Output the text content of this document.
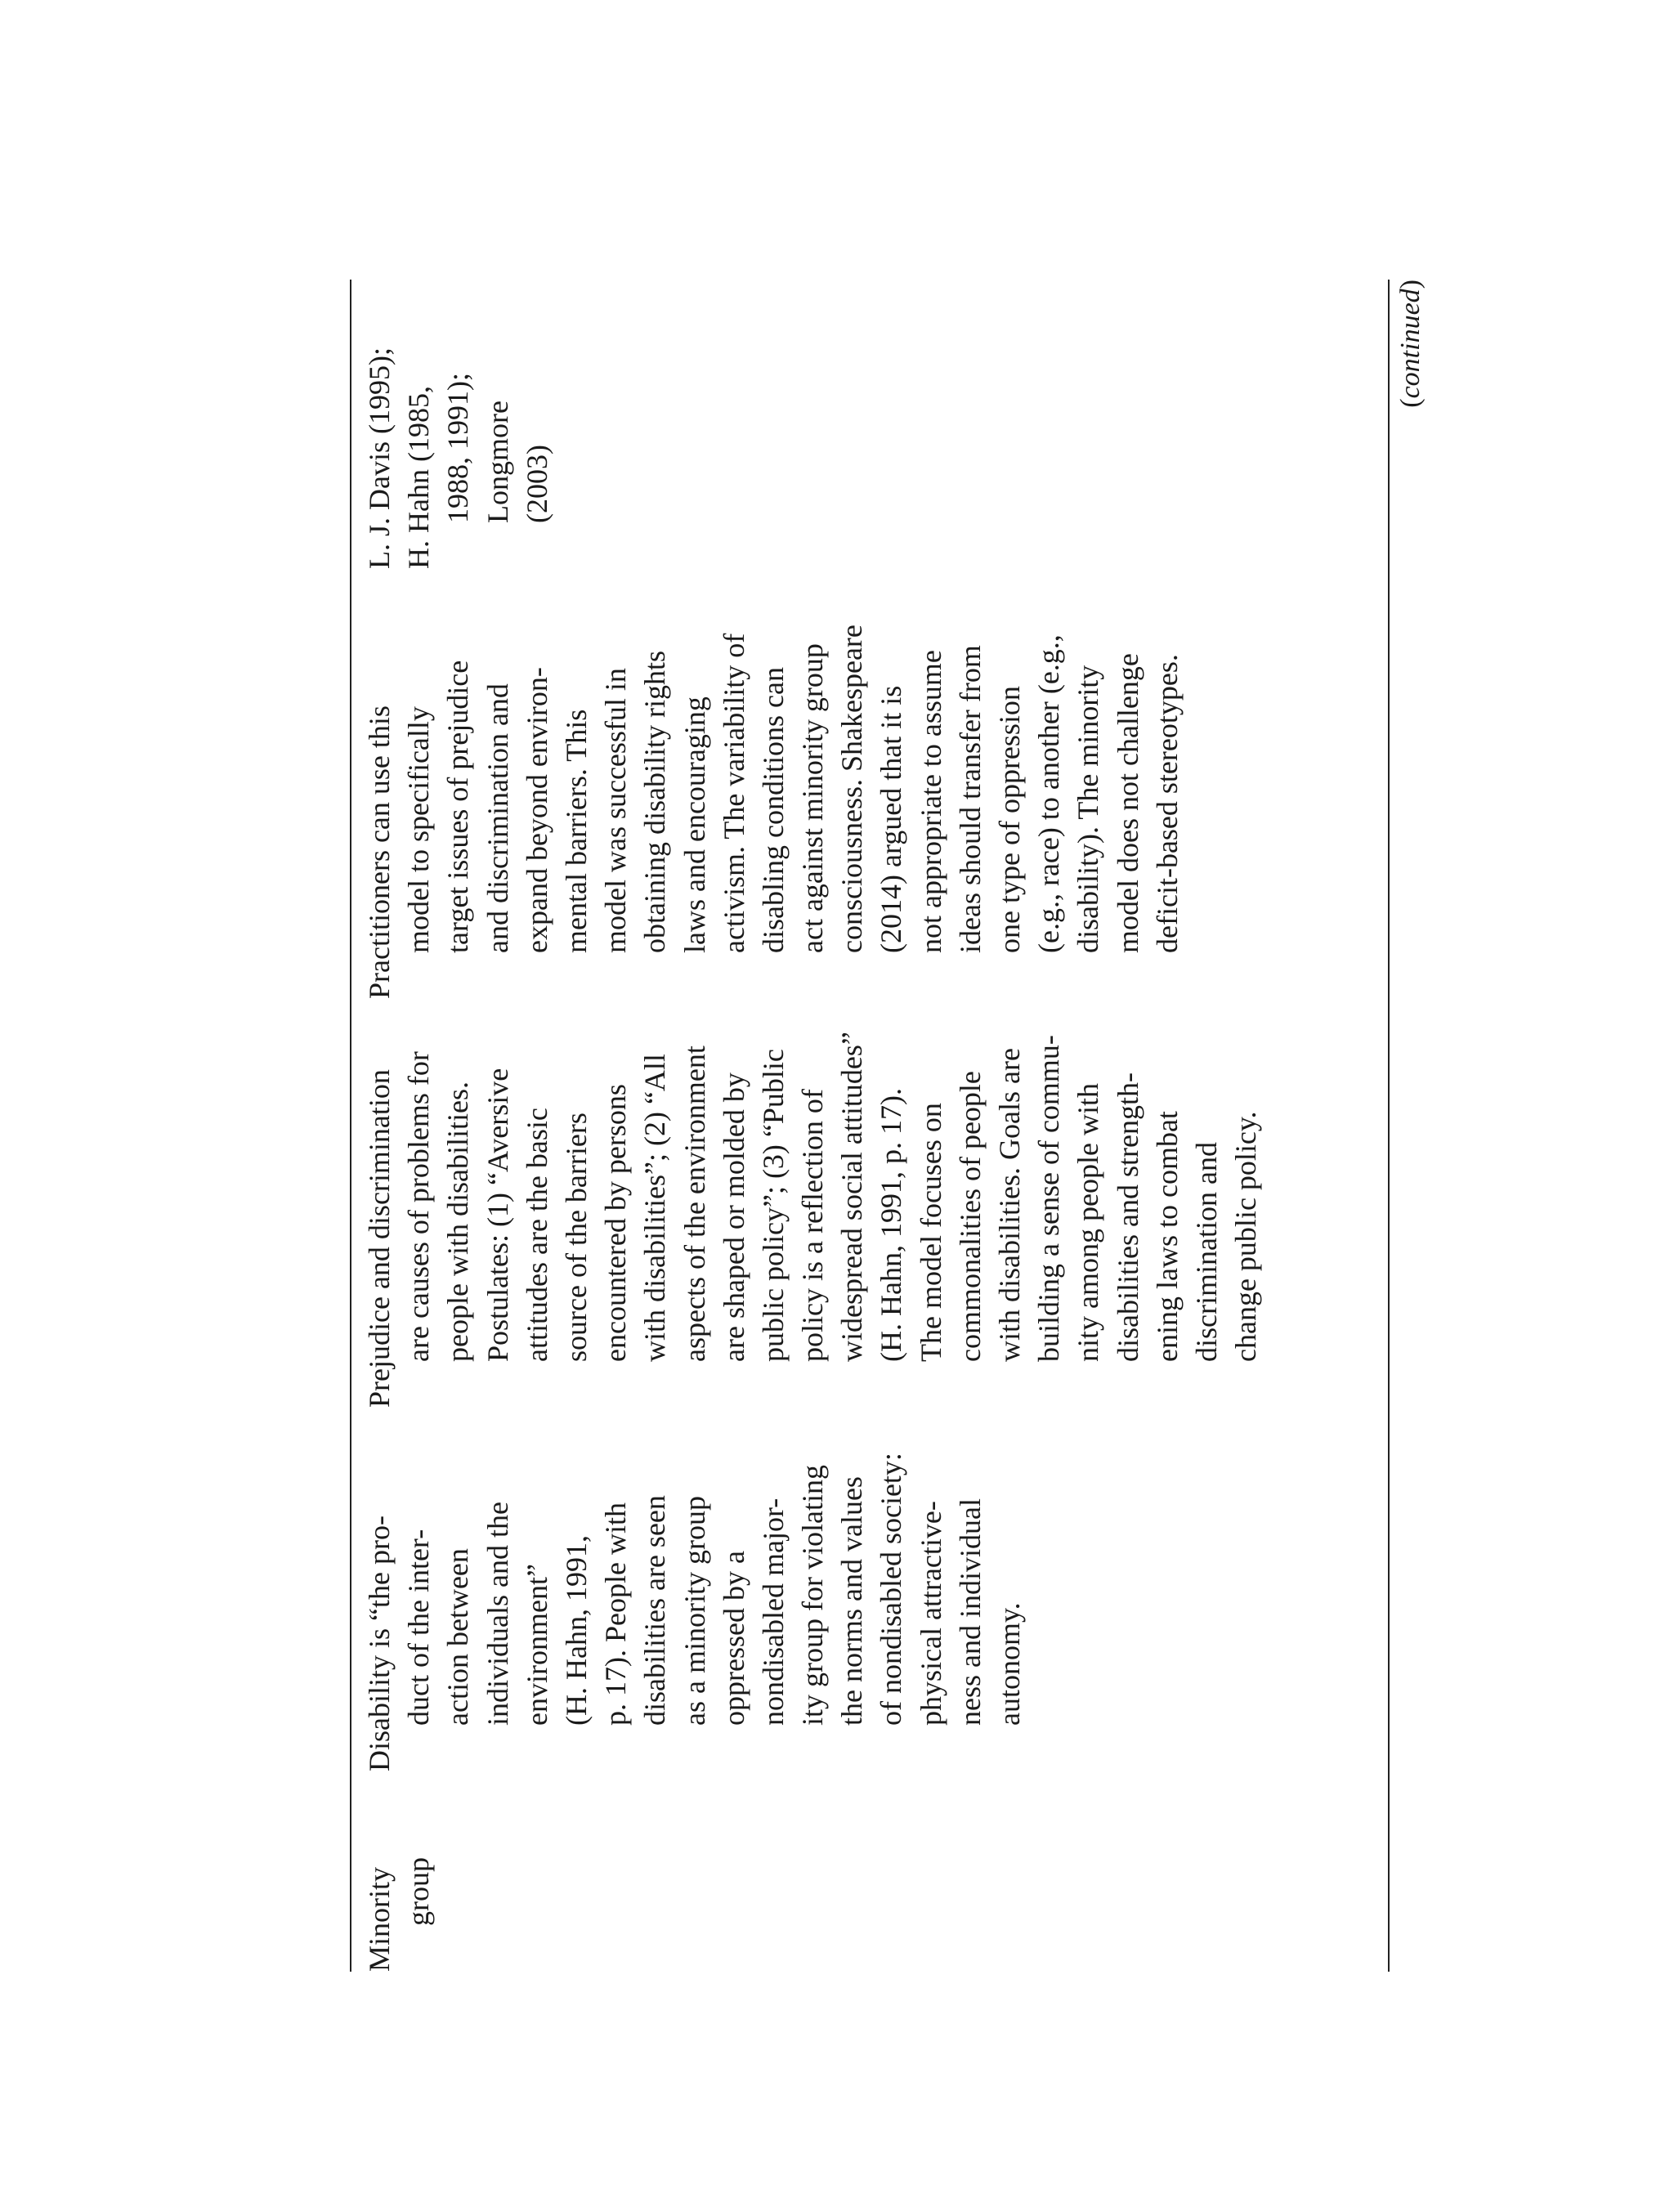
Minority group
Disability is “the pro- duct of the inter- action between individuals and the environment” (H. Hahn, 1991, p. 17). People with disabilities are seen as a minority group oppressed by a nondisabled major- ity group for violating the norms and values of nondisabled society: physical attractive- ness and individual autonomy.
Prejudice and discrimination are causes of problems for people with disabilities. Postulates: (1) “Aversive attitudes are the basic source of the barriers encountered by persons with disabilities”; (2) “All aspects of the environment are shaped or molded by public policy”; (3) “Public policy is a reflection of widespread social attitudes” (H. Hahn, 1991, p. 17). The model focuses on commonalities of people with disabilities. Goals are building a sense of commu- nity among people with disabilities and strength- ening laws to combat discrimination and change public policy.
Practitioners can use this model to specifically target issues of prejudice and discrimination and expand beyond environ- mental barriers. This model was successful in obtaining disability rights laws and encouraging activism. The variability of disabling conditions can act against minority group consciousness. Shakespeare (2014) argued that it is not appropriate to assume ideas should transfer from one type of oppression (e.g., race) to another (e.g., disability). The minority model does not challenge deficit-based stereotypes.
L. J. Davis (1995); H. Hahn (1985, 1988, 1991); Longmore (2003)
(continued)
